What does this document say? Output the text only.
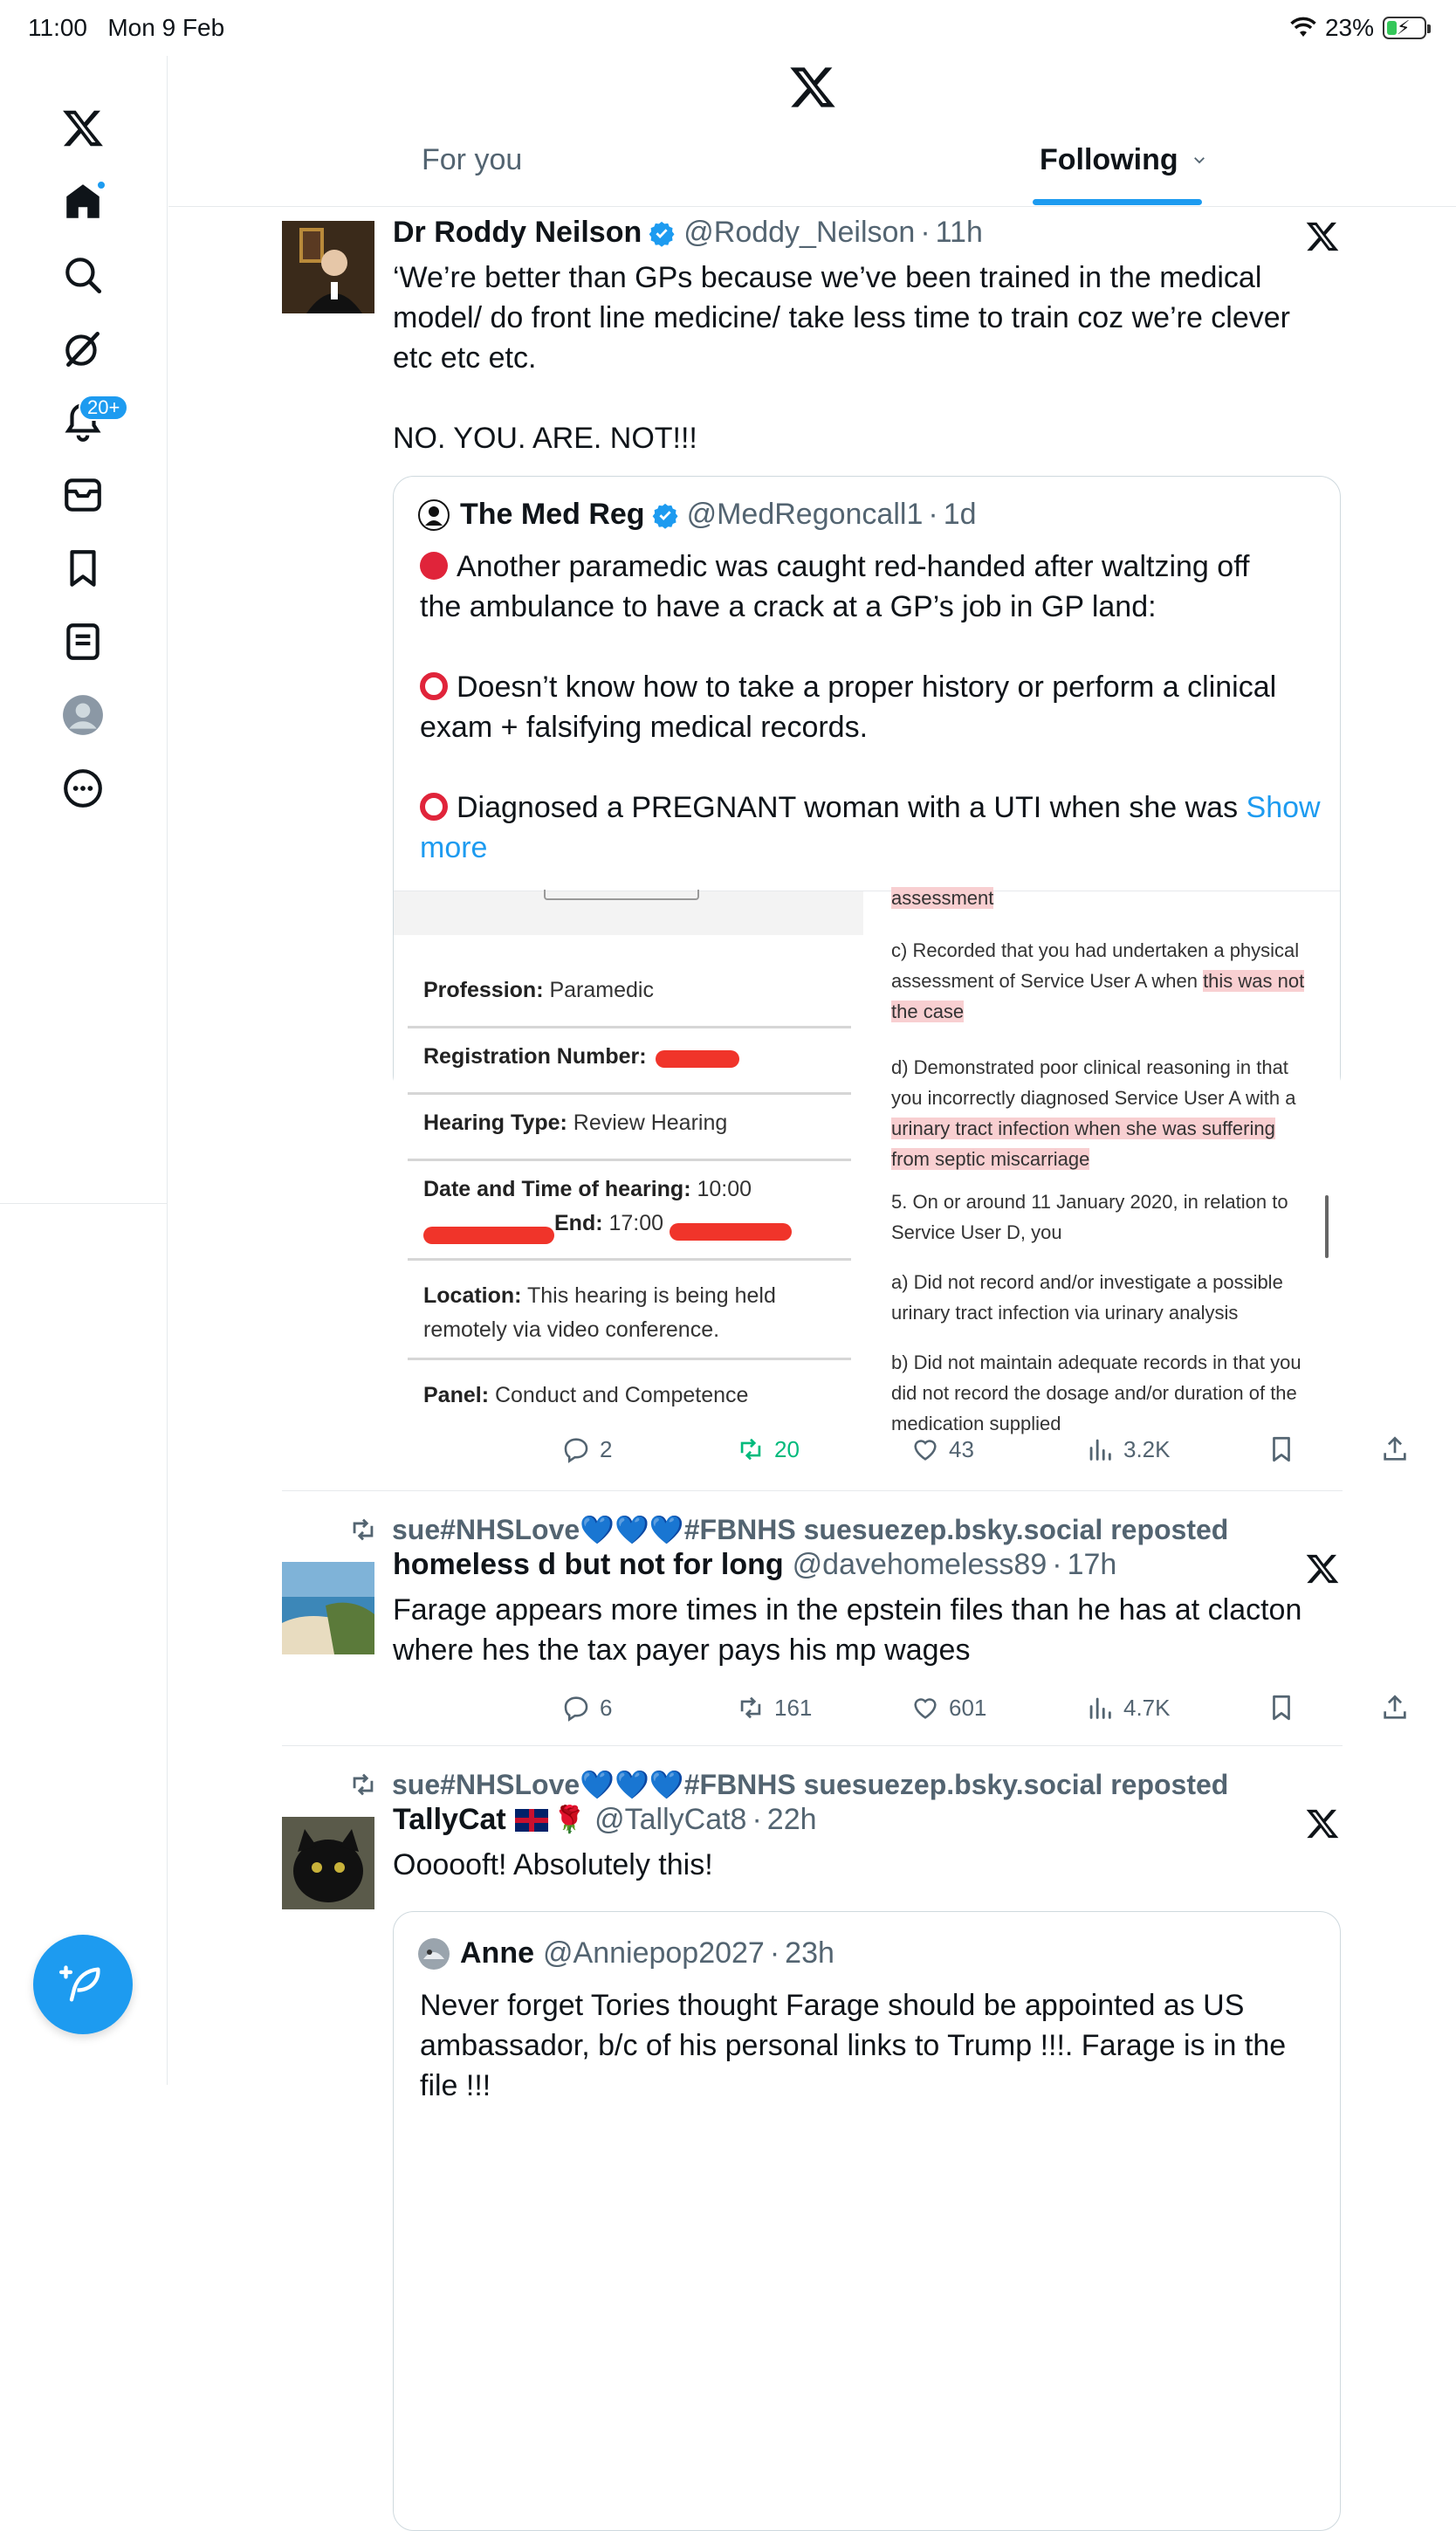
11:00 Mon 9 Feb	23% ⚡
20+
For you	Following
Dr Roddy Neilson @Roddy_Neilson · 11h
‘We’re better than GPs because we’ve been trained in the medical
model/ do front line medicine/ take less time to train coz we’re clever
etc etc etc.
NO. YOU. ARE. NOT!!!
The Med Reg @MedRegoncall1 · 1d
Another paramedic was caught red-handed after waltzing off
the ambulance to have a crack at a GP’s job in GP land:
Doesn’t know how to take a proper history or perform a clinical
exam + falsifying medical records.
Diagnosed a PREGNANT woman with a UTI when she was Show
more
Profession: Paramedic
Registration Number:
Hearing Type: Review Hearing
Date and Time of hearing: 10:00
End: 17:00
Location: This hearing is being held
remotely via video conference.
Panel: Conduct and Competence
assessment
c) Recorded that you had undertaken a physical
assessment of Service User A when this was not
the case
d) Demonstrated poor clinical reasoning in that
you incorrectly diagnosed Service User A with a
urinary tract infection when she was suffering
from septic miscarriage
5. On or around 11 January 2020, in relation to
Service User D, you
a) Did not record and/or investigate a possible
urinary tract infection via urinary analysis
b) Did not maintain adequate records in that you
did not record the dosage and/or duration of the
medication supplied
2	20	43	3.2K
sue#NHSLove 💙💙💙 #FBNHS suesuezep.bsky.social reposted
homeless d but not for long @davehomeless89 · 17h
Farage appears more times in the epstein files than he has at clacton
where hes the tax payer pays his mp wages
6	161	601	4.7K
sue#NHSLove 💙💙💙 #FBNHS suesuezep.bsky.social reposted
TallyCat 🌹 @TallyCat8 · 22h
Oooooft! Absolutely this!
Anne @Anniepop2027 · 23h
Never forget Tories thought Farage should be appointed as US
ambassador, b/c of his personal links to Trump !!!. Farage is in the
file !!!
